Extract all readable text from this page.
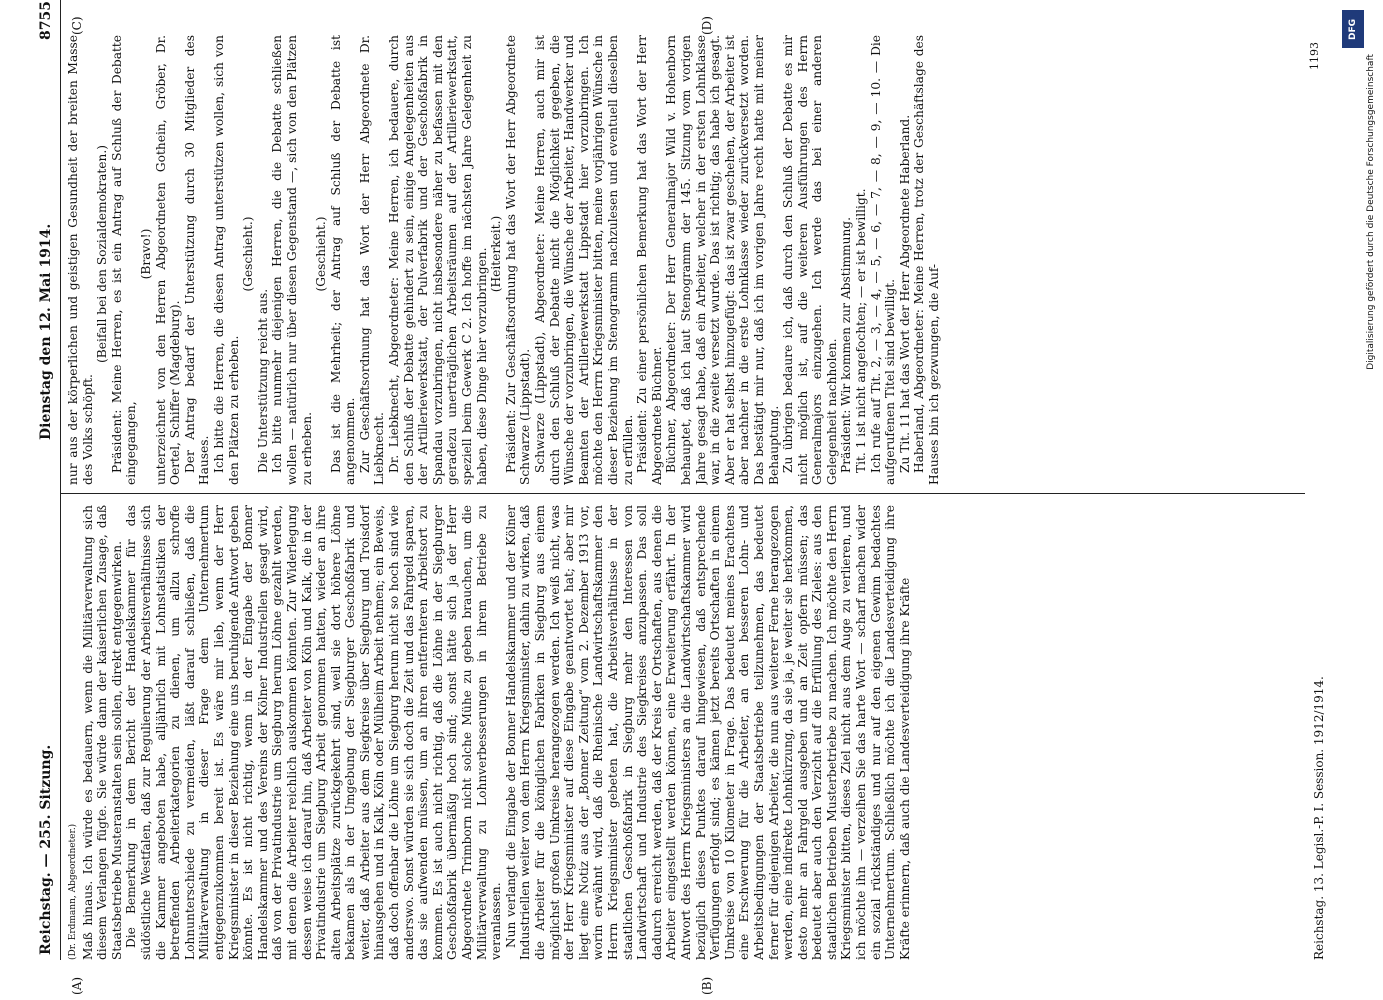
Reichstag. — 255. Sitzung.
Dienstag den 12. Mai 1914.
8755
(A)	(B)
(C)	(D)

(Dr. Erdmann, Abgeordneter.) Maß hinaus. Ich würde es bedauern, wenn die Militärverwaltung sich diesem Verlangen fügte. Sie würde dann der kaiserlichen Zusage, daß Staatsbetriebe Musteranstalten sein sollen, direkt entgegenwirken. Die Bemerkung in dem Bericht der Handelskammer für das südöstliche Westfalen, daß zur Regulierung der Arbeitsverhältnisse sich die Kammer angeboten habe, alljährlich mit Lohnstatistiken der betreffenden Arbeiterkategorien zu dienen, um allzu schroffe Lohnunterschiede zu vermeiden, läßt darauf schließen, daß die Militärverwaltung in dieser Frage dem Unternehmertum entgegenzukommen bereit ist. Es wäre mir lieb, wenn der Herr Kriegsminister in dieser Beziehung eine uns beruhigende Antwort geben könnte. Es ist nicht richtig, wenn in der Eingabe der Bonner Handelskammer und des Vereins der Kölner Industriellen gesagt wird, daß von der Privatindustrie um Siegburg herum Löhne gezahlt werden, mit denen die Arbeiter reichlich auskommen könnten. Zur Widerlegung dessen weise ich darauf hin, daß Arbeiter von Köln und Kalk, die in der Privatindustrie um Siegburg Arbeit genommen hatten, wieder an ihre alten Arbeitsplätze zurückgekehrt sind, weil sie dort höhere Löhne bekamen als in der Umgebung der Siegburger Geschoßfabrik und weiter, daß Arbeiter aus dem Siegkreise über Siegburg und Troisdorf hinausgehen und in Kalk, Köln oder Mülheim Arbeit nehmen; ein Beweis, daß doch offenbar die Löhne um Siegburg herum nicht so hoch sind wie anderswo. Sonst würden sie sich doch die Zeit und das Fahrgeld sparen, das sie aufwenden müssen, um an ihren entfernteren Arbeitsort zu kommen. Es ist auch nicht richtig, daß die Löhne in der Siegburger Geschoßfabrik übermäßig hoch sind; sonst hätte sich ja der Herr Abgeordnete Trimborn nicht solche Mühe zu geben brauchen, um die Militärverwaltung zu Lohnverbesserungen in ihrem Betriebe zu veranlassen. Nun verlangt die Eingabe der Bonner Handelskammer und der Kölner Industriellen weiter von dem Herrn Kriegsminister, dahin zu wirken, daß die Arbeiter für die königlichen Fabriken in Siegburg aus einem möglichst großen Umkreise herangezogen werden. Ich weiß nicht, was der Herr Kriegsminister auf diese Eingabe geantwortet hat; aber mir liegt eine Notiz aus der „Bonner Zeitung“ vom 2. Dezember 1913 vor, worin erwähnt wird, daß die Rheinische Landwirtschaftskammer den Herrn Kriegsminister gebeten hat, die Arbeitsverhältnisse in der staatlichen Geschoßfabrik in Siegburg mehr den Interessen von Landwirtschaft und Industrie des Siegkreises anzupassen. Das soll dadurch erreicht werden, daß der Kreis der Ortschaften, aus denen die Arbeiter eingestellt werden können, eine Erweiterung erfährt. In der Antwort des Herrn Kriegsministers an die Landwirtschaftskammer wird bezüglich dieses Punktes darauf hingewiesen, daß entsprechende Verfügungen erfolgt sind; es kämen jetzt bereits Ortschaften in einem Umkreise von 10 Kilometer in Frage. Das bedeutet meines Erachtens eine Erschwerung für die Arbeiter, an den besseren Lohn- und Arbeitsbedingungen der Staatsbetriebe teilzunehmen, das bedeutet ferner für diejenigen Arbeiter, die nun aus weiterer Ferne herangezogen werden, eine indirekte Lohnkürzung, da sie ja, je weiter sie herkommen, desto mehr an Fahrgeld ausgeben und an Zeit opfern müssen; das bedeutet aber auch den Verzicht auf die Erfüllung des Zieles: aus den staatlichen Betrieben Musterbetriebe zu machen. Ich möchte den Herrn Kriegsminister bitten, dieses Ziel nicht aus dem Auge zu verlieren, und ich möchte ihn — verzeihen Sie das harte Wort — scharf machen wider ein sozial rückständiges und nur auf den eigenen Gewinn bedachtes Unternehmertum. Schließlich möchte ich die Landesverteidigung ihre Kräfte erinnern, daß auch die Landesverteidigung ihre Kräfte

nur aus der körperlichen und geistigen Gesundheit der breiten Masse des Volks schöpft.

(Beifall bei den Sozialdemokraten.) Präsident: Meine Herren, es ist ein Antrag auf Schluß der Debatte eingegangen,

(Bravo!) unterzeichnet von den Herren Abgeordneten Gothein, Gröber, Dr. Oertel, Schiffer (Magdeburg). Der Antrag bedarf der Unterstützung durch 30 Mitglieder des Hauses. Ich bitte die Herren, die diesen Antrag unterstützen wollen, sich von den Plätzen zu erheben.

(Geschieht.)

Die Unterstützung reicht aus. Ich bitte nunmehr diejenigen Herren, die die Debatte schließen wollen — natürlich nur über diesen Gegenstand —, sich von den Plätzen zu erheben.

(Geschieht.) Das ist die Mehrheit; der Antrag auf Schluß der Debatte ist angenommen. Zur Geschäftsordnung hat das Wort der Herr Abgeordnete Dr. Liebknecht. Dr. Liebknecht, Abgeordneter: Meine Herren, ich bedauere, durch den Schluß der Debatte gehindert zu sein, einige Angelegenheiten aus der Artilleriewerkstatt, der Pulverfabrik und der Geschoßfabrik in Spandau vorzubringen, nicht insbesondere näher zu befassen mit den geradezu unerträglichen Arbeitsräumen auf der Artilleriewerkstatt, speziell beim Gewerk C 2. Ich hoffe im nächsten Jahre Gelegenheit zu haben, diese Dinge hier vorzubringen. (Heiterkeit.) Präsident: Zur Geschäftsordnung hat das Wort der Herr Abgeordnete Schwarze (Lippstadt). Schwarze (Lippstadt), Abgeordneter: Meine Herren, auch mir ist durch den Schluß der Debatte nicht die Möglichkeit gegeben, die Wünsche der vorzubringen, die Wünsche der Arbeiter, Handwerker und Beamten der Artilleriewerkstatt Lippstadt hier vorzubringen. Ich möchte den Herrn Kriegsminister bitten, meine vorjährigen Wünsche in dieser Beziehung im Stenogramm nachzulesen und eventuell dieselben zu erfüllen. Präsident: Zu einer persönlichen Bemerkung hat das Wort der Herr Abgeordnete Büchner. Büchner, Abgeordneter: Der Herr Generalmajor Wild v. Hohenborn behauptet, daß ich laut Stenogramm der 145. Sitzung vom vorigen Jahre gesagt habe, daß ein Arbeiter, welcher in der ersten Lohnklasse war, in die zweite versetzt wurde. Das ist richtig; das habe ich gesagt. Aber er hat selbst hinzugefügt: das ist zwar geschehen, der Arbeiter ist aber nachher in die erste Lohnklasse wieder zurückversetzt worden. Das bestätigt mir nur, daß ich im vorigen Jahre recht hatte mit meiner Behauptung. Zu übrigen bedaure ich, daß durch den Schluß der Debatte es mir nicht möglich ist, auf die weiteren Ausführungen des Herrn Generalmajors einzugehen. Ich werde das bei einer anderen Gelegenheit nachholen. Präsident: Wir kommen zur Abstimmung. Tit. 1 ist nicht angefochten; — er ist bewilligt. Ich rufe auf Tit. 2, — 3, — 4, — 5, — 6, — 7, — 8, — 9, — 10. — Die aufgerufenen Titel sind bewilligt. Zu Tit. 11 hat das Wort der Herr Abgeordnete Haberland. Haberland, Abgeordneter: Meine Herren, trotz der Geschäftslage des Hauses bin ich gezwungen, die Auf-

Reichstag. 13. Legisl.-P. I. Session. 1912/1914.
1193
DFG
Digitalisierung gefördert durch die Deutsche Forschungsgemeinschaft
